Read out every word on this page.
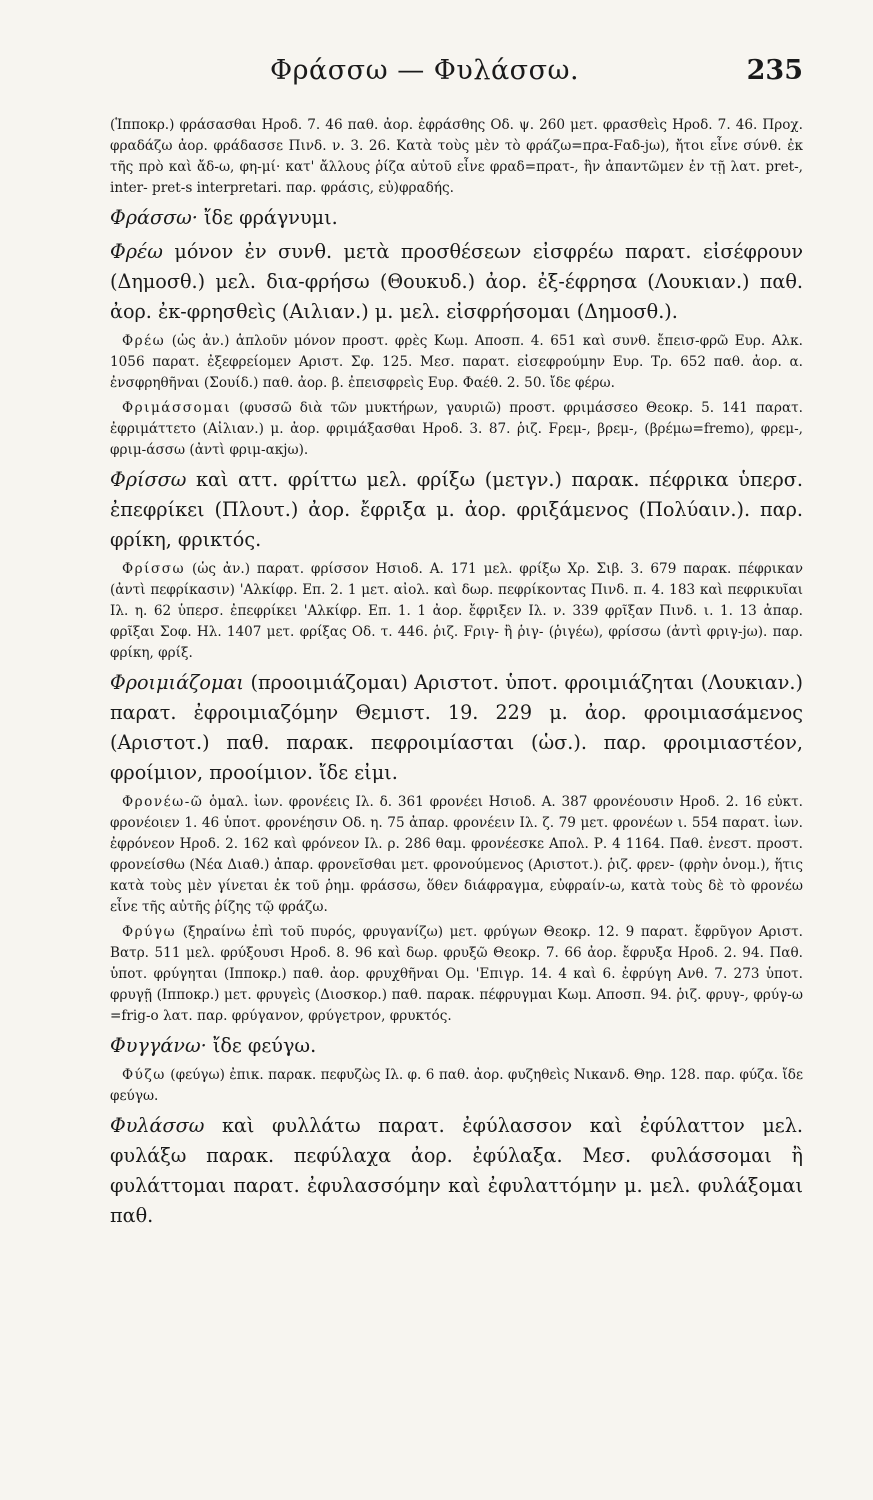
Φράσσω — Φυλάσσω.	235

(Ἱπποκρ.) φράσασθαι Ηροδ. 7. 46 παθ. ἀορ. ἐφράσθης Οδ. ψ. 260 μετ. φρασθεὶς Ηροδ. 7. 46. Προχ. φραδάζω ἀορ. φράδασσε Πινδ. ν. 3. 26. Κατὰ τοὺς μὲν τὸ φράζω=πρα-Fαδ-jω), ἤτοι εἶνε σύνθ. ἐκ τῆς πρὸ καὶ ἄδ-ω, φη-μί· κατ' ἄλλους ῥίζα αὐτοῦ εἶνε φραδ=πρατ-, ἣν ἀπαντῶμεν ἐν τῇ λατ. pret-, inter- pret-s interpretari. παρ. φράσις, εὐ)φραδής.

Φράσσω· ἴδε φράγνυμι.

Φρέω μόνον ἐν συνθ. μετὰ προσθέσεων εἰσφρέω παρατ. εἰσέφρουν (Δημοσθ.) μελ. δια-φρήσω (Θουκυδ.) ἀορ. ἐξ-έφρησα (Λουκιαν.) παθ. ἀορ. ἐκ-φρησθεὶς (Αιλιαν.) μ. μελ. εἰσφρήσομαι (Δημοσθ.).

Φρέω (ὡς ἀν.) ἁπλοῦν μόνον προστ. φρὲς Κωμ. Αποσπ. 4. 651 καὶ συνθ. ἔπεισ-φρῶ Ευρ. Αλκ. 1056 παρατ. ἐξεφρείομεν Αριστ. Σφ. 125. Μεσ. παρατ. εἰσεφρούμην Ευρ. Τρ. 652 παθ. ἀορ. α. ἐνσφρηθῆναι (Σουίδ.) παθ. ἀορ. β. ἐπεισφρεὶς Ευρ. Φαέθ. 2. 50. ἴδε φέρω.

Φριμάσσομαι (φυσσῶ διὰ τῶν μυκτήρων, γαυριῶ) προστ. φριμάσσεο Θεοκρ. 5. 141 παρατ. ἐφριμάττετο (Αἰλιαν.) μ. ἀορ. φριμάξασθαι Ηροδ. 3. 87. ῥιζ. Fρεμ-, βρεμ-, (βρέμω=fremo), φρεμ-, φριμ-άσσω (ἀντὶ φριμ-ακjω).

Φρίσσω καὶ αττ. φρίττω μελ. φρίξω (μετγν.) παρακ. πέφρικα ὑπερσ. ἐπεφρίκει (Πλουτ.) ἀορ. ἔφριξα μ. ἀορ. φριξάμενος (Πολύαιν.). παρ. φρίκη, φρικτός.

Φρίσσω (ὡς ἀν.) παρατ. φρίσσον Ησιοδ. Α. 171 μελ. φρίξω Χρ. Σιβ. 3. 679 παρακ. πέφρικαν (ἀντὶ πεφρίκασιν) 'Αλκίφρ. Επ. 2. 1 μετ. αἰολ. καὶ δωρ. πεφρίκοντας Πινδ. π. 4. 183 καὶ πεφρικυῖαι Ιλ. η. 62 ὑπερσ. ἐπεφρίκει 'Αλκίφρ. Επ. 1. 1 ἀορ. ἔφριξεν Ιλ. ν. 339 φρῖξαν Πινδ. ι. 1. 13 ἀπαρ. φρῖξαι Σοφ. Ηλ. 1407 μετ. φρίξας Οδ. τ. 446. ῥιζ. Fριγ- ἢ ῥιγ- (ῥιγέω), φρίσσω (ἀντὶ φριγ-jω). παρ. φρίκη, φρίξ.

Φροιμιάζομαι (προοιμιάζομαι) Αριστοτ. ὑποτ. φροιμιάζηται (Λουκιαν.) παρατ. ἐφροιμιαζόμην Θεμιστ. 19. 229 μ. ἀορ. φροιμιασάμενος (Αριστοτ.) παθ. παρακ. πεφροιμίασται (ὡσ.). παρ. φροιμιαστέον, φροίμιον, προοίμιον. ἴδε εἰμι.

Φρονέω-ῶ ὁμαλ. ἰων. φρονέεις Ιλ. δ. 361 φρονέει Ησιοδ. Α. 387 φρονέουσιν Ηροδ. 2. 16 εὐκτ. φρονέοιεν 1. 46 ὑποτ. φρονέησιν Οδ. η. 75 ἀπαρ. φρονέειν Ιλ. ζ. 79 μετ. φρονέων ι. 554 παρατ. ἰων. ἐφρόνεον Ηροδ. 2. 162 καὶ φρόνεον Ιλ. ρ. 286 θαμ. φρονέεσκε Απολ. Ρ. 4 1164. Παθ. ἐνεστ. προστ. φρονείσθω (Νέα Διαθ.) ἀπαρ. φρονεῖσθαι μετ. φρονούμενος (Αριστοτ.). ῥιζ. φρεν- (φρὴν ὀνομ.), ἥτις κατὰ τοὺς μὲν γίνεται ἐκ τοῦ ῥημ. φράσσω, ὅθεν διάφραγμα, εὐφραίν-ω, κατὰ τοὺς δὲ τὸ φρονέω εἶνε τῆς αὐτῆς ῥίζης τῷ φράζω.

Φρύγω (ξηραίνω ἐπὶ τοῦ πυρός, φρυγανίζω) μετ. φρύγων Θεοκρ. 12. 9 παρατ. ἔφρῦγον Αριστ. Βατρ. 511 μελ. φρύξουσι Ηροδ. 8. 96 καὶ δωρ. φρυξῶ Θεοκρ. 7. 66 ἀορ. ἔφρυξα Ηροδ. 2. 94. Παθ. ὑποτ. φρύγηται (Ιπποκρ.) παθ. ἀορ. φρυχθῆναι Ομ. 'Επιγρ. 14. 4 καὶ 6. ἐφρύγη Ανθ. 7. 273 ὑποτ. φρυγῇ (Ιπποκρ.) μετ. φρυγεὶς (Διοσκορ.) παθ. παρακ. πέφρυγμαι Κωμ. Αποσπ. 94. ῥιζ. φρυγ-, φρύγ-ω =frig-o λατ. παρ. φρύγανον, φρύγετρον, φρυκτός.

Φυγγάνω· ἴδε φεύγω.

Φύζω (φεύγω) ἐπικ. παρακ. πεφυζὼς Ιλ. φ. 6 παθ. ἀορ. φυζηθεὶς Νικανδ. Θηρ. 128. παρ. φύζα. ἴδε φεύγω.

Φυλάσσω καὶ φυλλάτω παρατ. ἐφύλασσον καὶ ἐφύλαττον μελ. φυλάξω παρακ. πεφύλαχα ἀορ. ἐφύλαξα. Μεσ. φυλάσσομαι ἢ φυλάττομαι παρατ. ἐφυλασσόμην καὶ ἐφυλαττόμην μ. μελ. φυλάξομαι παθ.
